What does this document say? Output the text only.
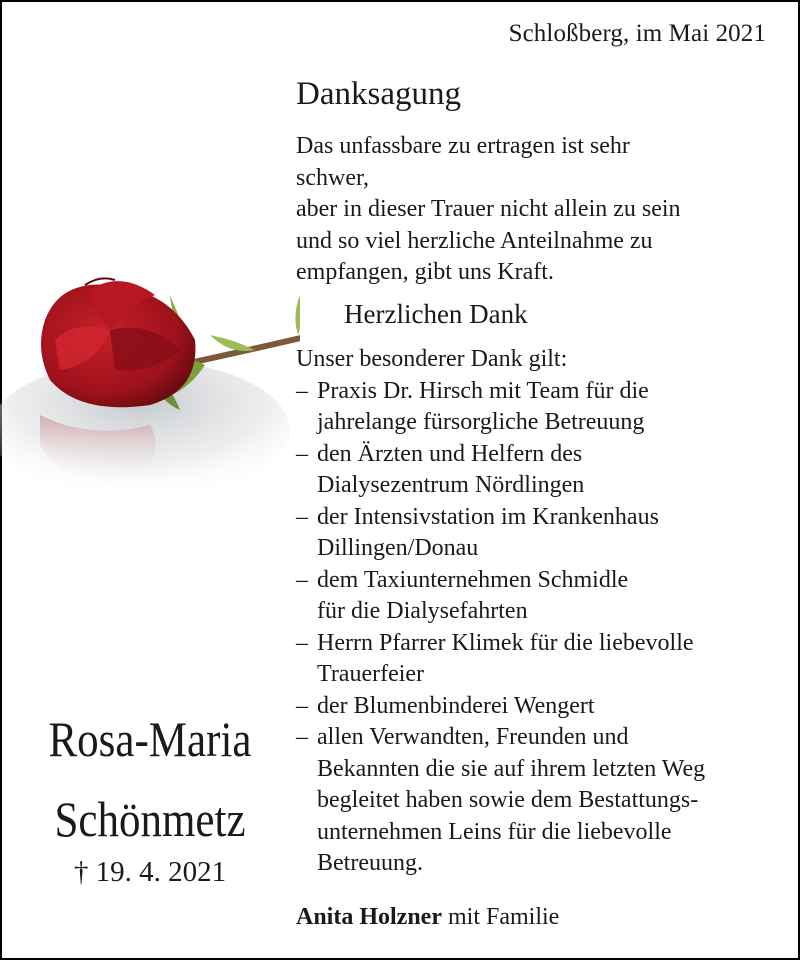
Schloßberg, im Mai 2021
Danksagung
Das unfassbare zu ertragen ist sehr
schwer,
aber in dieser Trauer nicht allein zu sein
und so viel herzliche Anteilnahme zu
empfangen, gibt uns Kraft.
Herzlichen Dank
Unser besonderer Dank gilt:
– Praxis Dr. Hirsch mit Team für die
jahrelange fürsorgliche Betreuung
– den Ärzten und Helfern des
Dialysezentrum Nördlingen
– der Intensivstation im Krankenhaus
Dillingen/Donau
– dem Taxiunternehmen Schmidle
für die Dialysefahrten
– Herrn Pfarrer Klimek für die liebevolle
Trauerfeier
– der Blumenbinderei Wengert
– allen Verwandten, Freunden und
Bekannten die sie auf ihrem letzten Weg
begleitet haben sowie dem Bestattungs-
unternehmen Leins für die liebevolle
Betreuung.
Anita Holzner mit Familie
Rosa-Maria
Schönmetz
† 19. 4. 2021
